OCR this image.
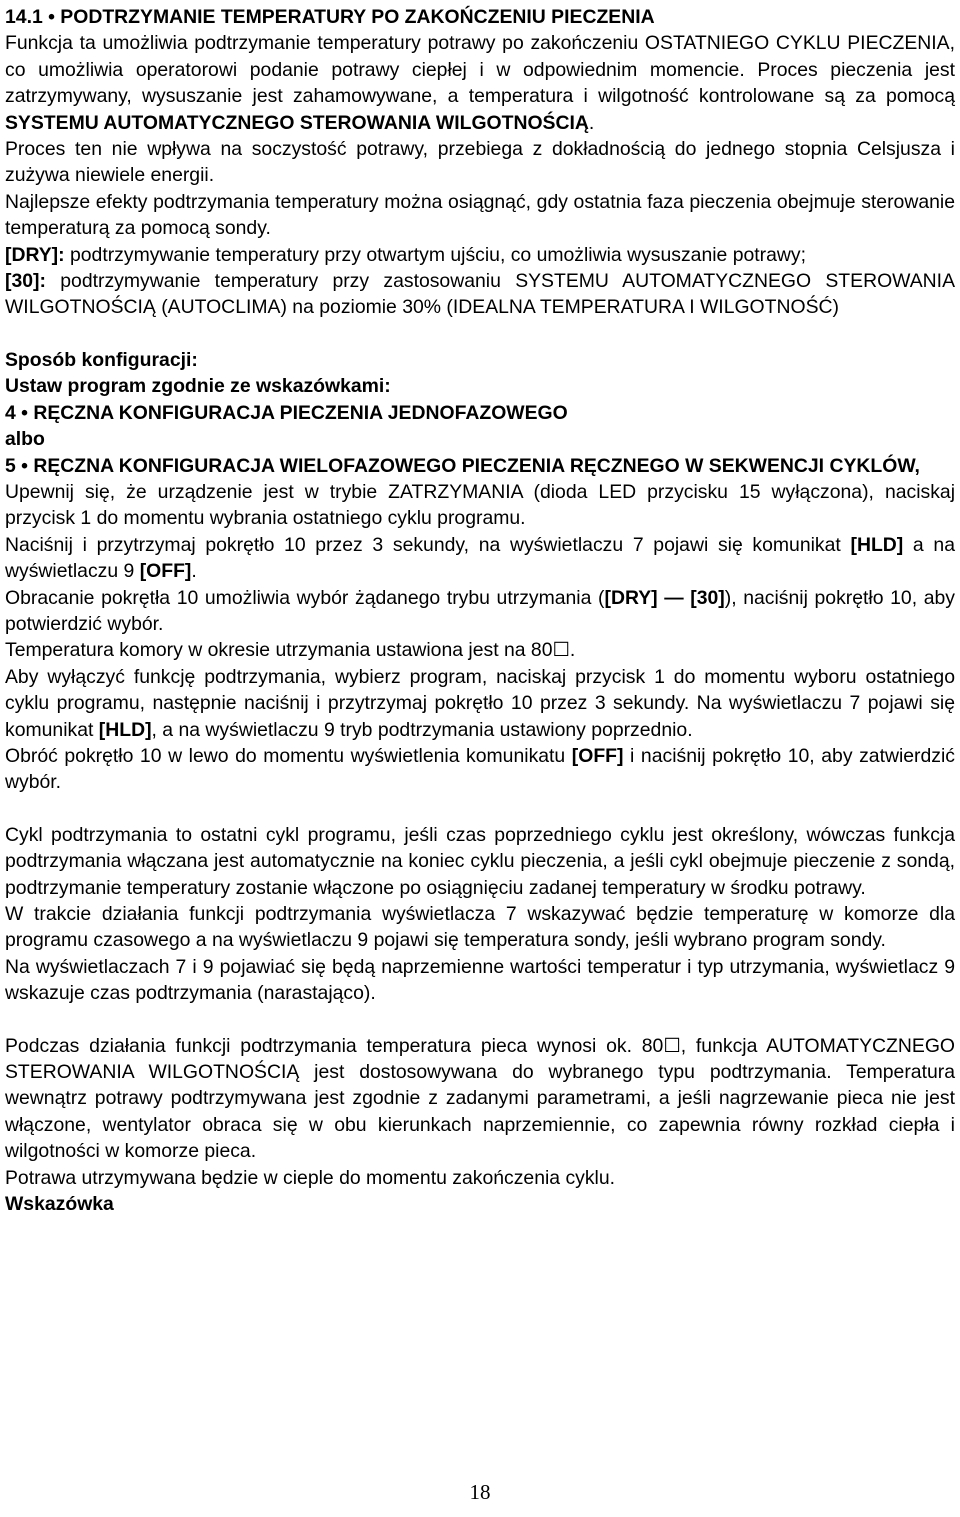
14.1 • PODTRZYMANIE TEMPERATURY PO ZAKOŃCZENIU PIECZENIA

Funkcja ta umożliwia podtrzymanie temperatury potrawy po zakończeniu OSTATNIEGO CYKLU PIECZENIA, co umożliwia operatorowi podanie potrawy ciepłej i w odpowiednim momencie. Proces pieczenia jest zatrzymywany, wysuszanie jest zahamowywane, a temperatura i wilgotność kontrolowane są za pomocą SYSTEMU AUTOMATYCZNEGO STEROWANIA WILGOTNOŚCIĄ.

Proces ten nie wpływa na soczystość potrawy, przebiega z dokładnością do jednego stopnia Celsjusza i zużywa niewiele energii.

Najlepsze efekty podtrzymania temperatury można osiągnąć, gdy ostatnia faza pieczenia obejmuje sterowanie temperaturą za pomocą sondy.

[DRY]: podtrzymywanie temperatury przy otwartym ujściu, co umożliwia wysuszanie potrawy;

[30]: podtrzymywanie temperatury przy zastosowaniu SYSTEMU AUTOMATYCZNEGO STEROWANIA WILGOTNOŚCIĄ (AUTOCLIMA) na poziomie 30% (IDEALNA TEMPERATURA I WILGOTNOŚĆ)

Sposób konfiguracji:

Ustaw program zgodnie ze wskazówkami:

4 • RĘCZNA KONFIGURACJA PIECZENIA JEDNOFAZOWEGO

albo

5 • RĘCZNA KONFIGURACJA WIELOFAZOWEGO PIECZENIA RĘCZNEGO W SEKWENCJI CYKLÓW,

Upewnij się, że urządzenie jest w trybie ZATRZYMANIA (dioda LED przycisku 15 wyłączona), naciskaj przycisk 1 do momentu wybrania ostatniego cyklu programu.

Naciśnij i przytrzymaj pokrętło 10 przez 3 sekundy, na wyświetlaczu 7 pojawi się komunikat [HLD] a na wyświetlaczu 9 [OFF].

Obracanie pokrętła 10 umożliwia wybór żądanego trybu utrzymania ([DRY] — [30]), naciśnij pokrętło 10, aby potwierdzić wybór.

Temperatura komory w okresie utrzymania ustawiona jest na 80☐.

Aby wyłączyć funkcję podtrzymania, wybierz program, naciskaj przycisk 1 do momentu wyboru ostatniego cyklu programu, następnie naciśnij i przytrzymaj pokrętło 10 przez 3 sekundy. Na wyświetlaczu 7 pojawi się komunikat [HLD], a na wyświetlaczu 9 tryb podtrzymania ustawiony poprzednio.

Obróć pokrętło 10 w lewo do momentu wyświetlenia komunikatu [OFF] i naciśnij pokrętło 10, aby zatwierdzić wybór.

Cykl podtrzymania to ostatni cykl programu, jeśli czas poprzedniego cyklu jest określony, wówczas funkcja podtrzymania włączana jest automatycznie na koniec cyklu pieczenia, a jeśli cykl obejmuje pieczenie z sondą, podtrzymanie temperatury zostanie włączone po osiągnięciu zadanej temperatury w środku potrawy.

W trakcie działania funkcji podtrzymania wyświetlacza 7 wskazywać będzie temperaturę w komorze dla programu czasowego a na wyświetlaczu 9 pojawi się temperatura sondy, jeśli wybrano program sondy.

Na wyświetlaczach 7 i 9 pojawiać się będą naprzemienne wartości temperatur i typ utrzymania, wyświetlacz 9 wskazuje czas podtrzymania (narastająco).

Podczas działania funkcji podtrzymania temperatura pieca wynosi ok. 80☐, funkcja AUTOMATYCZNEGO STEROWANIA WILGOTNOŚCIĄ jest dostosowywana do wybranego typu podtrzymania. Temperatura wewnątrz potrawy podtrzymywana jest zgodnie z zadanymi parametrami, a jeśli nagrzewanie pieca nie jest włączone, wentylator obraca się w obu kierunkach naprzemiennie, co zapewnia równy rozkład ciepła i wilgotności w komorze pieca.

Potrawa utrzymywana będzie w cieple do momentu zakończenia cyklu.

Wskazówka

18
